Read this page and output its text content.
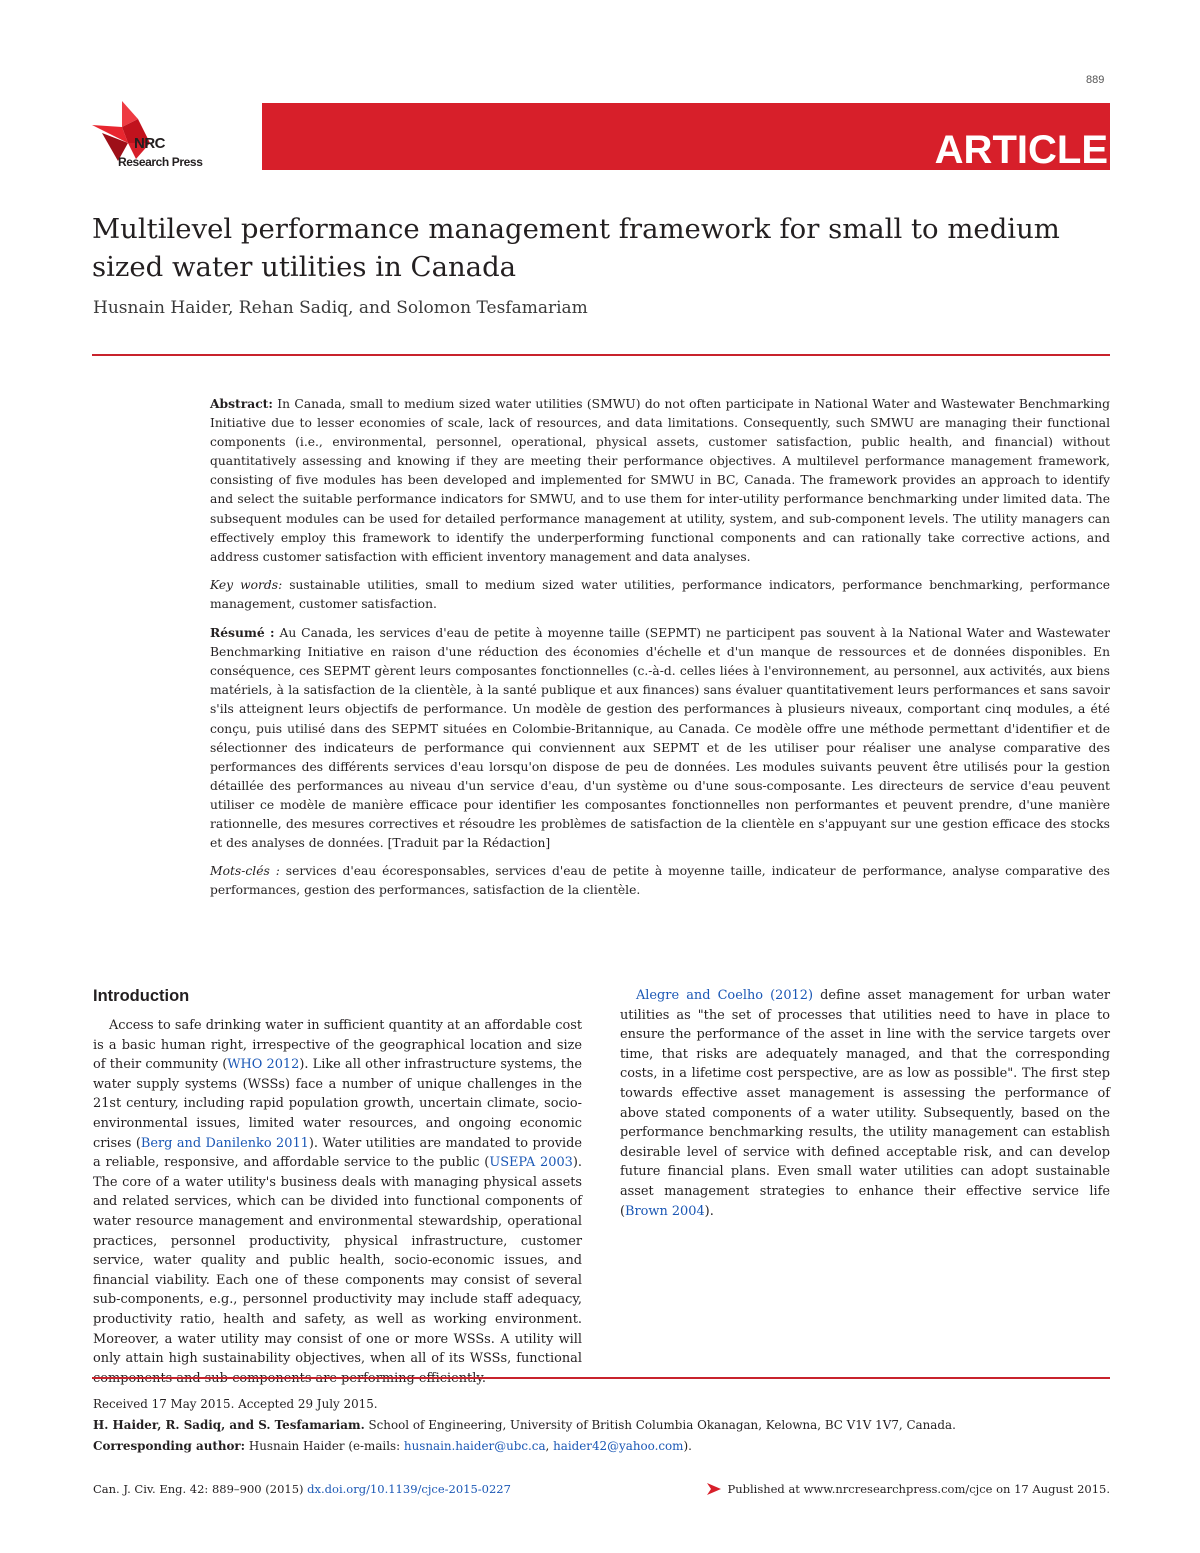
889
NRC
Research Press	ARTICLE
Multilevel performance management framework for small to medium sized water utilities in Canada
Husnain Haider, Rehan Sadiq, and Solomon Tesfamariam

Abstract: In Canada, small to medium sized water utilities (SMWU) do not often participate in National Water and Wastewater Benchmarking Initiative due to lesser economies of scale, lack of resources, and data limitations. Consequently, such SMWU are managing their functional components (i.e., environmental, personnel, operational, physical assets, customer satisfaction, public health, and financial) without quantitatively assessing and knowing if they are meeting their performance objectives. A multilevel performance management framework, consisting of five modules has been developed and implemented for SMWU in BC, Canada. The framework provides an approach to identify and select the suitable performance indicators for SMWU, and to use them for inter-utility performance benchmarking under limited data. The subsequent modules can be used for detailed performance management at utility, system, and sub-component levels. The utility managers can effectively employ this framework to identify the underperforming functional components and can rationally take corrective actions, and address customer satisfaction with efficient inventory management and data analyses.

Key words: sustainable utilities, small to medium sized water utilities, performance indicators, performance benchmarking, performance management, customer satisfaction.

Résumé : Au Canada, les services d'eau de petite à moyenne taille (SEPMT) ne participent pas souvent à la National Water and Wastewater Benchmarking Initiative en raison d'une réduction des économies d'échelle et d'un manque de ressources et de données disponibles. En conséquence, ces SEPMT gèrent leurs composantes fonctionnelles (c.-à-d. celles liées à l'environnement, au personnel, aux activités, aux biens matériels, à la satisfaction de la clientèle, à la santé publique et aux finances) sans évaluer quantitativement leurs performances et sans savoir s'ils atteignent leurs objectifs de performance. Un modèle de gestion des performances à plusieurs niveaux, comportant cinq modules, a été conçu, puis utilisé dans des SEPMT situées en Colombie-Britannique, au Canada. Ce modèle offre une méthode permettant d'identifier et de sélectionner des indicateurs de performance qui conviennent aux SEPMT et de les utiliser pour réaliser une analyse comparative des performances des différents services d'eau lorsqu'on dispose de peu de données. Les modules suivants peuvent être utilisés pour la gestion détaillée des performances au niveau d'un service d'eau, d'un système ou d'une sous-composante. Les directeurs de service d'eau peuvent utiliser ce modèle de manière efficace pour identifier les composantes fonctionnelles non performantes et peuvent prendre, d'une manière rationnelle, des mesures correctives et résoudre les problèmes de satisfaction de la clientèle en s'appuyant sur une gestion efficace des stocks et des analyses de données. [Traduit par la Rédaction]

Mots-clés : services d'eau écoresponsables, services d'eau de petite à moyenne taille, indicateur de performance, analyse comparative des performances, gestion des performances, satisfaction de la clientèle.

Introduction

Access to safe drinking water in sufficient quantity at an affordable cost is a basic human right, irrespective of the geographical location and size of their community (WHO 2012). Like all other infrastructure systems, the water supply systems (WSSs) face a number of unique challenges in the 21st century, including rapid population growth, uncertain climate, socio-environmental issues, limited water resources, and ongoing economic crises (Berg and Danilenko 2011). Water utilities are mandated to provide a reliable, responsive, and affordable service to the public (USEPA 2003). The core of a water utility's business deals with managing physical assets and related services, which can be divided into functional components of water resource management and environmental stewardship, operational practices, personnel productivity, physical infrastructure, customer service, water quality and public health, socio-economic issues, and financial viability. Each one of these components may consist of several sub-components, e.g., personnel productivity may include staff adequacy, productivity ratio, health and safety, as well as working environment. Moreover, a water utility may consist of one or more WSSs. A utility will only attain high sustainability objectives, when all of its WSSs, functional

Alegre and Coelho (2012) define asset management for urban water utilities as "the set of processes that utilities need to have in place to ensure the performance of the asset in line with the service targets over time, that risks are adequately managed, and that the corresponding costs, in a lifetime cost perspective, are as low as possible". The first step towards effective asset management is assessing the performance of above stated components of a water utility. Subsequently, based on the performance benchmarking results, the utility management can establish desirable level of service with defined acceptable risk, and can develop future financial plans. Even small water utilities can adopt sustainable asset management strategies to enhance their effective service life (Brown 2004).

Received 17 May 2015. Accepted 29 July 2015.

H. Haider, R. Sadiq, and S. Tesfamariam. School of Engineering, University of British Columbia Okanagan, Kelowna, BC V1V 1V7, Canada.

Corresponding author: Husnain Haider (e-mails: husnain.haider@ubc.ca, haider42@yahoo.com).

Can. J. Civ. Eng. 42: 889–900 (2015) dx.doi.org/10.1139/cjce-2015-0227	Published at www.nrcresearchpress.com/cjce on 17 August 2015.
